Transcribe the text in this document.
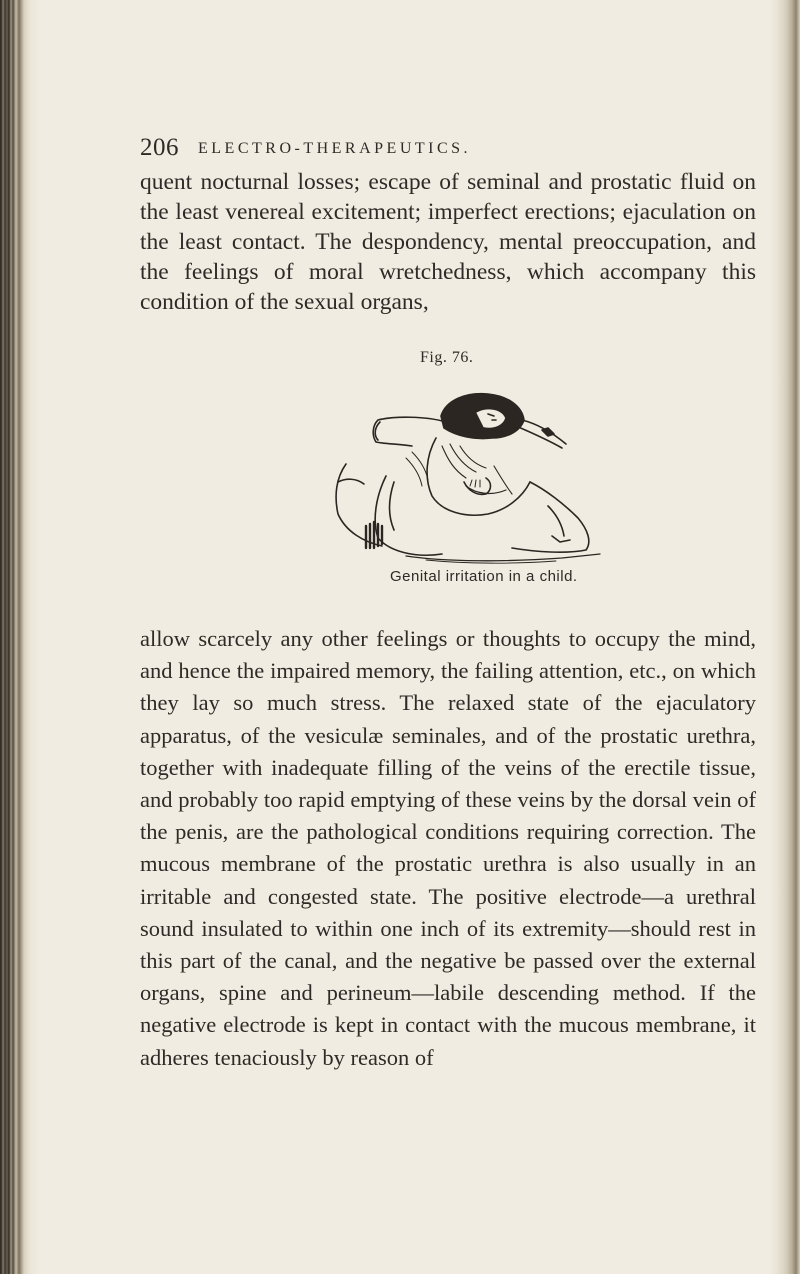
206 ELECTRO-THERAPEUTICS.

quent nocturnal losses; escape of seminal and prostatic fluid on the least venereal excitement; imperfect erections; ejaculation on the least contact. The despondency, mental preoccupation, and the feelings of moral wretchedness, which accompany this condition of the sexual organs,

Fig. 76.
Genital irritation in a child.

allow scarcely any other feelings or thoughts to occupy the mind, and hence the impaired memory, the failing attention, etc., on which they lay so much stress. The relaxed state of the ejaculatory apparatus, of the vesiculæ seminales, and of the prostatic urethra, together with inadequate filling of the veins of the erectile tissue, and probably too rapid emptying of these veins by the dorsal vein of the penis, are the pathological conditions requiring correction. The mucous membrane of the prostatic urethra is also usually in an irritable and congested state. The positive electrode—a urethral sound insulated to within one inch of its extremity—should rest in this part of the canal, and the negative be passed over the external organs, spine and perineum—labile descending method. If the negative electrode is kept in contact with the mucous membrane, it adheres tenaciously by reason of
